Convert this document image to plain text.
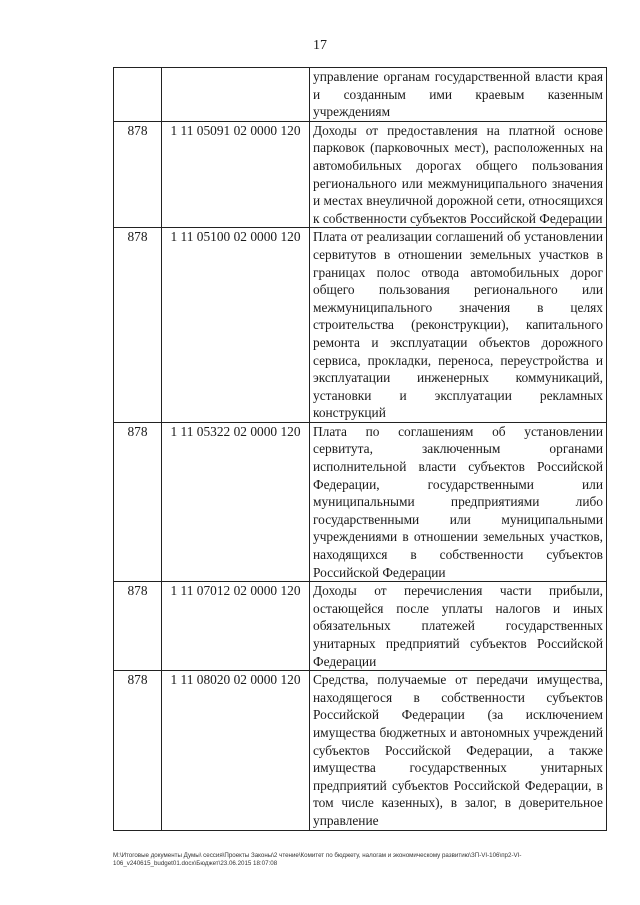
17
		управление органам государственной власти края и созданным ими краевым казенным учреждениям
878	1 11 05091 02 0000 120	Доходы от предоставления на платной основе парковок (парковочных мест), расположенных на автомобильных дорогах общего пользования регионального или межмуниципального значения и местах внеуличной дорожной сети, относящихся к собственности субъектов Российской Федерации
878	1 11 05100 02 0000 120	Плата от реализации соглашений об установлении сервитутов в отношении земельных участков в границах полос отвода автомобильных дорог общего пользования регионального или межмуниципального значения в целях строительства (реконструкции), капитального ремонта и эксплуатации объектов дорожного сервиса, прокладки, переноса, переустройства и эксплуатации инженерных коммуникаций, установки и эксплуатации рекламных конструкций
878	1 11 05322 02 0000 120	Плата по соглашениям об установлении сервитута, заключенным органами исполнительной власти субъектов Российской Федерации, государственными или муниципальными предприятиями либо государственными или муниципальными учреждениями в отношении земельных участков, находящихся в собственности субъектов Российской Федерации
878	1 11 07012 02 0000 120	Доходы от перечисления части прибыли, остающейся после уплаты налогов и иных обязательных платежей государственных унитарных предприятий субъектов Российской Федерации
878	1 11 08020 02 0000 120	Средства, получаемые от передачи имущества, находящегося в собственности субъектов Российской Федерации (за исключением имущества бюджетных и автономных учреждений субъектов Российской Федерации, а также имущества государственных унитарных предприятий субъектов Российской Федерации, в том числе казенных), в залог, в доверительное управление
М:\Итоговые документы Думы\ сессия\Проекты Законы\2 чтение\Комитет по бюджету, налогам и экономическому развитию\ЗП-VI-106\пр2-VI-
106_v240615_budget01.docx\Бюджет\23.06.2015 18:07:08
